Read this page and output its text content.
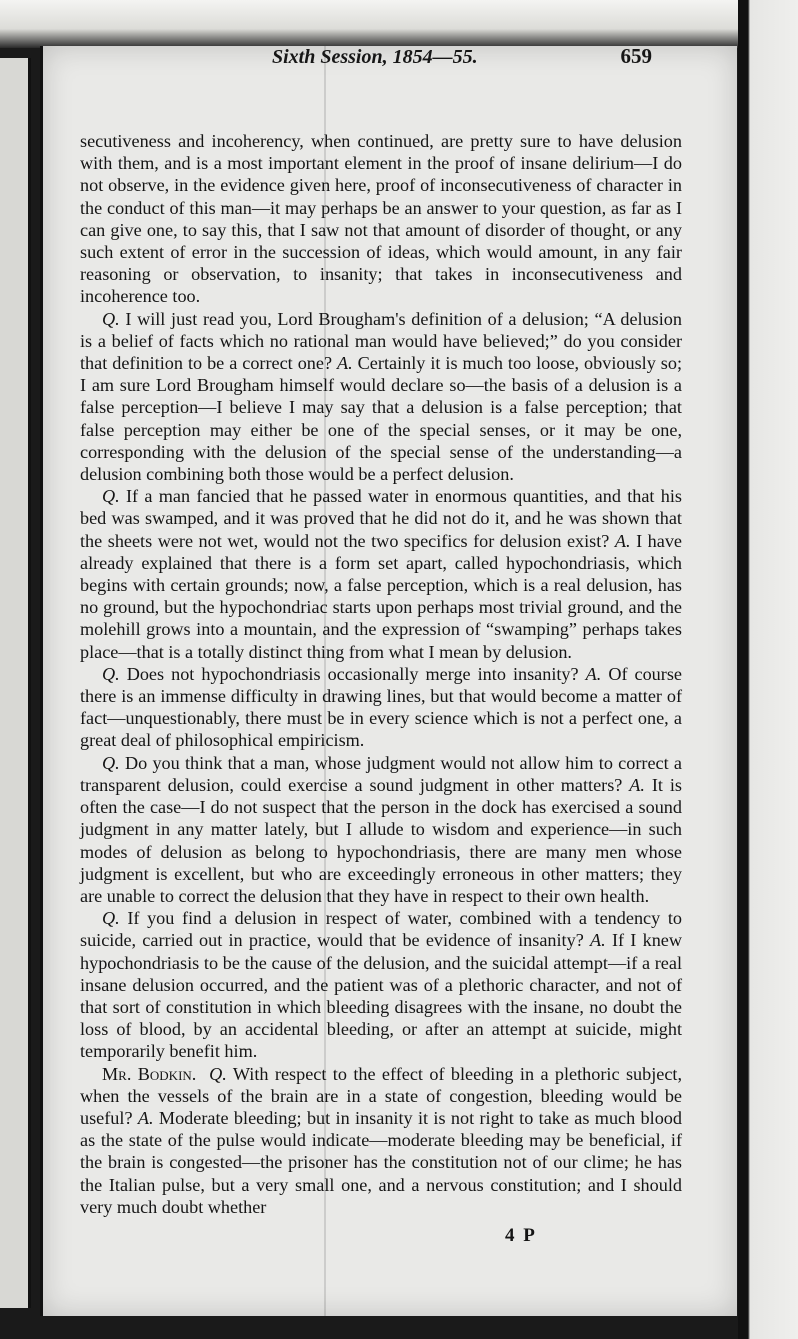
Sixth Session, 1854—55.	659

secutiveness and incoherency, when continued, are pretty sure to have delusion with them, and is a most important element in the proof of insane delirium—I do not observe, in the evidence given here, proof of inconsecutiveness of character in the conduct of this man—it may perhaps be an answer to your question, as far as I can give one, to say this, that I saw not that amount of disorder of thought, or any such extent of error in the succession of ideas, which would amount, in any fair reasoning or observation, to insanity; that takes in inconsecutiveness and incoherence too.

Q. I will just read you, Lord Brougham's definition of a delusion; “A delusion is a belief of facts which no rational man would have believed;” do you consider that definition to be a correct one? A. Certainly it is much too loose, obviously so; I am sure Lord Brougham himself would declare so—the basis of a delusion is a false perception—I believe I may say that a delusion is a false perception; that false perception may either be one of the special senses, or it may be one, corresponding with the delusion of the special sense of the understanding—a delusion combining both those would be a perfect delusion.

Q. If a man fancied that he passed water in enormous quantities, and that his bed was swamped, and it was proved that he did not do it, and he was shown that the sheets were not wet, would not the two specifics for delusion exist? A. I have already explained that there is a form set apart, called hypochondriasis, which begins with certain grounds; now, a false perception, which is a real delusion, has no ground, but the hypochondriac starts upon perhaps most trivial ground, and the molehill grows into a mountain, and the expression of “swamping” perhaps takes place—that is a totally distinct thing from what I mean by delusion.

Q. Does not hypochondriasis occasionally merge into insanity? A. Of course there is an immense difficulty in drawing lines, but that would become a matter of fact—unquestionably, there must be in every science which is not a perfect one, a great deal of philosophical empiricism.

Q. Do you think that a man, whose judgment would not allow him to correct a transparent delusion, could exercise a sound judgment in other matters? A. It is often the case—I do not suspect that the person in the dock has exercised a sound judgment in any matter lately, but I allude to wisdom and experience—in such modes of delusion as belong to hypochondriasis, there are many men whose judgment is excellent, but who are exceedingly erroneous in other matters; they are unable to correct the delusion that they have in respect to their own health.

Q. If you find a delusion in respect of water, combined with a tendency to suicide, carried out in practice, would that be evidence of insanity? A. If I knew hypochondriasis to be the cause of the delusion, and the suicidal attempt—if a real insane delusion occurred, and the patient was of a plethoric character, and not of that sort of constitution in which bleeding disagrees with the insane, no doubt the loss of blood, by an accidental bleeding, or after an attempt at suicide, might temporarily benefit him.

Mr. Bodkin. Q. With respect to the effect of bleeding in a plethoric subject, when the vessels of the brain are in a state of congestion, bleeding would be useful? A. Moderate bleeding; but in insanity it is not right to take as much blood as the state of the pulse would indicate—moderate bleeding may be beneficial, if the brain is congested—the prisoner has the constitution not of our clime; he has the Italian pulse, but a very small one, and a nervous constitution; and I should very much doubt whether

4 P
